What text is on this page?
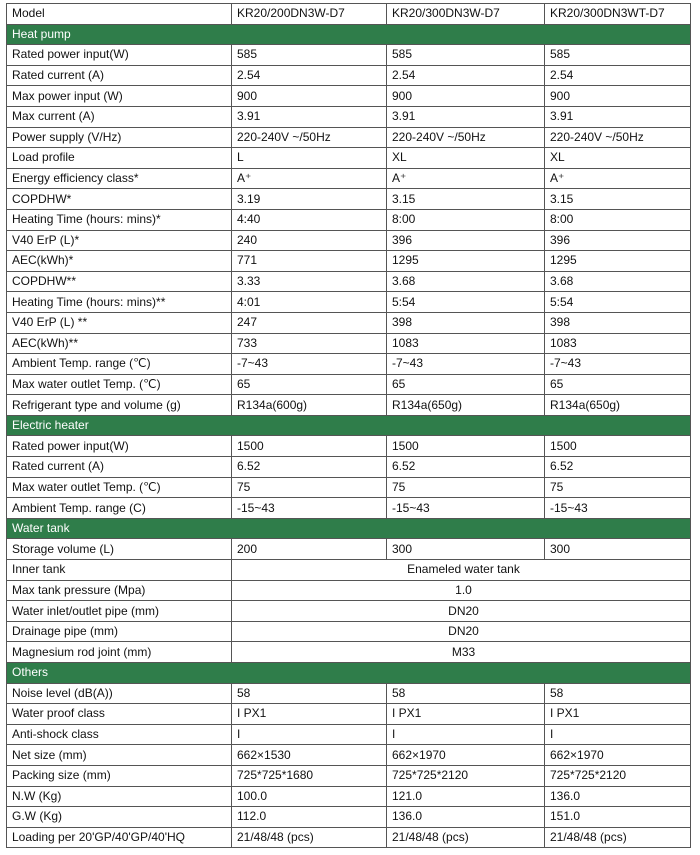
Model	KR20/200DN3W-D7	KR20/300DN3W-D7	KR20/300DN3WT-D7
Heat pump			
Rated power input(W)	585	585	585
Rated current (A)	2.54	2.54	2.54
Max power input (W)	900	900	900
Max current (A)	3.91	3.91	3.91
Power supply (V/Hz)	220-240V ~/50Hz	220-240V ~/50Hz	220-240V ~/50Hz
Load profile	L	XL	XL
Energy efficiency class*	A⁺	A⁺	A⁺
COPDHW*	3.19	3.15	3.15
Heating Time (hours: mins)*	4:40	8:00	8:00
V40 ErP (L)*	240	396	396
AEC(kWh)*	771	1295	1295
COPDHW**	3.33	3.68	3.68
Heating Time (hours: mins)**	4:01	5:54	5:54
V40 ErP (L) **	247	398	398
AEC(kWh)**	733	1083	1083
Ambient Temp. range (℃)	-7~43	-7~43	-7~43
Max water outlet Temp. (℃)	65	65	65
Refrigerant type and volume (g)	R134a(600g)	R134a(650g)	R134a(650g)
Electric heater			
Rated power input(W)	1500	1500	1500
Rated current (A)	6.52	6.52	6.52
Max water outlet Temp. (℃)	75	75	75
Ambient Temp. range (C)	-15~43	-15~43	-15~43
Water tank			
Storage volume (L)	200	300	300
Inner tank	Enameled water tank		
Max tank pressure (Mpa)	1.0		
Water inlet/outlet pipe (mm)	DN20		
Drainage pipe (mm)	DN20		
Magnesium rod joint (mm)	M33		
Others			
Noise level (dB(A))	58	58	58
Water proof class	I PX1	I PX1	I PX1
Anti-shock class	I	I	I
Net size (mm)	662×1530	662×1970	662×1970
Packing size (mm)	725*725*1680	725*725*2120	725*725*2120
N.W (Kg)	100.0	121.0	136.0
G.W (Kg)	112.0	136.0	151.0
Loading per 20'GP/40'GP/40'HQ	21/48/48 (pcs)	21/48/48 (pcs)	21/48/48 (pcs)
